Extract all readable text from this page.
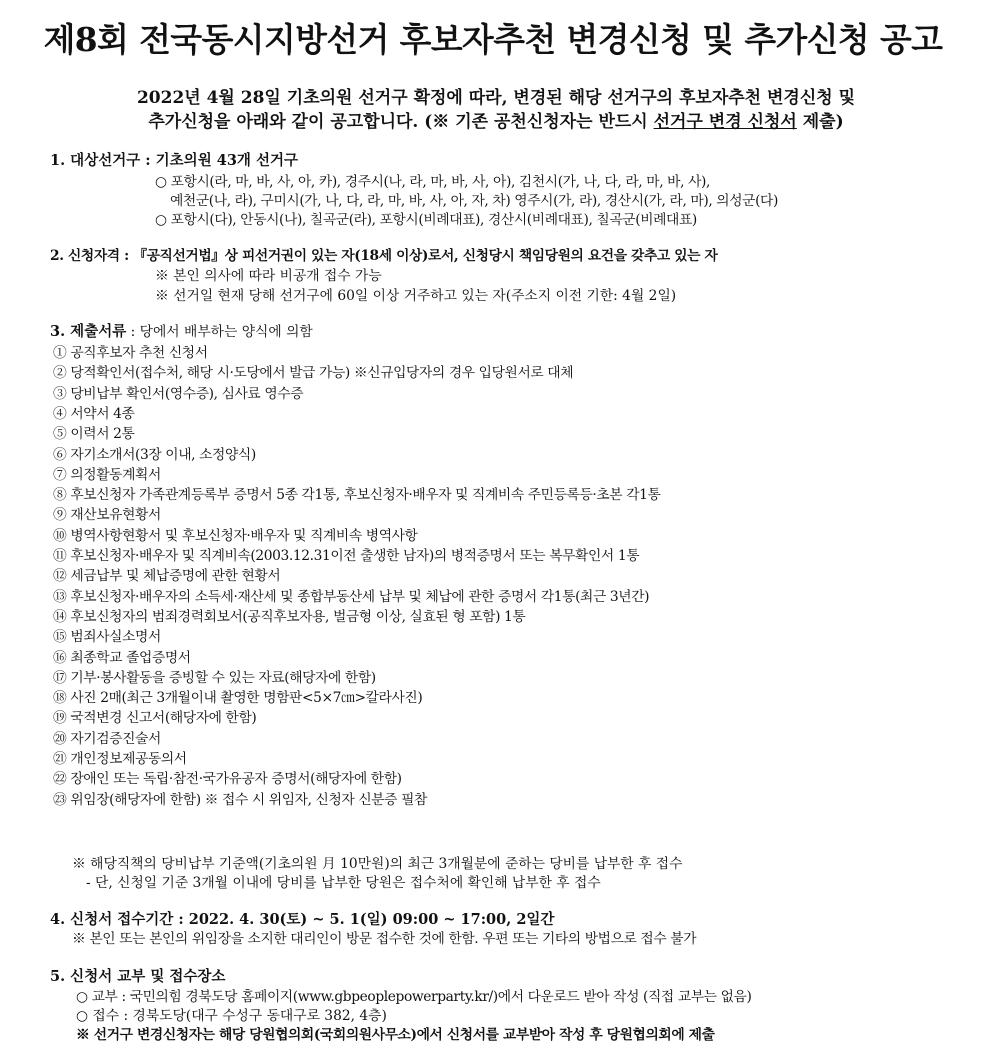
제8회 전국동시지방선거 후보자추천 변경신청 및 추가신청 공고
2022년 4월 28일 기초의원 선거구 확정에 따라, 변경된 해당 선거구의 후보자추천 변경신청 및
추가신청을 아래와 같이 공고합니다. (※ 기존 공천신청자는 반드시 선거구 변경 신청서 제출)
1. 대상선거구 : 기초의원 43개 선거구
○ 포항시(라, 마, 바, 사, 아, 카), 경주시(나, 라, 마, 바, 사, 아), 김천시(가, 나, 다, 라, 마, 바, 사),
예천군(나, 라), 구미시(가, 나, 다, 라, 마, 바, 사, 아, 자, 차) 영주시(가, 라), 경산시(가, 라, 마), 의성군(다)
○ 포항시(다), 안동시(나), 칠곡군(라), 포항시(비례대표), 경산시(비례대표), 칠곡군(비례대표)
2. 신청자격 : 『공직선거법』상 피선거권이 있는 자(18세 이상)로서, 신청당시 책임당원의 요건을 갖추고 있는 자
※ 본인 의사에 따라 비공개 접수 가능
※ 선거일 현재 당해 선거구에 60일 이상 거주하고 있는 자(주소지 이전 기한: 4월 2일)
3. 제출서류 : 당에서 배부하는 양식에 의함
① 공직후보자 추천 신청서
② 당적확인서(접수처, 해당 시·도당에서 발급 가능) ※신규입당자의 경우 입당원서로 대체
③ 당비납부 확인서(영수증), 심사료 영수증
④ 서약서 4종
⑤ 이력서 2통
⑥ 자기소개서(3장 이내, 소정양식)
⑦ 의정활동계획서
⑧ 후보신청자 가족관계등록부 증명서 5종 각1통, 후보신청자·배우자 및 직계비속 주민등록등·초본 각1통
⑨ 재산보유현황서
⑩ 병역사항현황서 및 후보신청자·배우자 및 직계비속 병역사항
⑪ 후보신청자·배우자 및 직계비속(2003.12.31이전 출생한 남자)의 병적증명서 또는 복무확인서 1통
⑫ 세금납부 및 체납증명에 관한 현황서
⑬ 후보신청자·배우자의 소득세·재산세 및 종합부동산세 납부 및 체납에 관한 증명서 각1통(최근 3년간)
⑭ 후보신청자의 범죄경력회보서(공직후보자용, 벌금형 이상, 실효된 형 포함) 1통
⑮ 범죄사실소명서
⑯ 최종학교 졸업증명서
⑰ 기부·봉사활동을 증빙할 수 있는 자료(해당자에 한함)
⑱ 사진 2매(최근 3개월이내 촬영한 명함판<5×7㎝>칼라사진)
⑲ 국적변경 신고서(해당자에 한함)
⑳ 자기검증진술서
㉑ 개인정보제공동의서
㉒ 장애인 또는 독립·참전·국가유공자 증명서(해당자에 한함)
㉓ 위임장(해당자에 한함) ※ 접수 시 위임자, 신청자 신분증 필참
※ 해당직책의 당비납부 기준액(기초의원 月 10만원)의 최근 3개월분에 준하는 당비를 납부한 후 접수
- 단, 신청일 기준 3개월 이내에 당비를 납부한 당원은 접수처에 확인해 납부한 후 접수
4. 신청서 접수기간 : 2022. 4. 30(토) ~ 5. 1(일) 09:00 ~ 17:00, 2일간
※ 본인 또는 본인의 위임장을 소지한 대리인이 방문 접수한 것에 한함. 우편 또는 기타의 방법으로 접수 불가
5. 신청서 교부 및 접수장소
○ 교부 : 국민의힘 경북도당 홈페이지(www.gbpeoplepowerparty.kr/)에서 다운로드 받아 작성 (직접 교부는 없음)
○ 접수 : 경북도당(대구 수성구 동대구로 382, 4층)
※ 선거구 변경신청자는 해당 당원협의회(국회의원사무소)에서 신청서를 교부받아 작성 후 당원협의회에 제출
